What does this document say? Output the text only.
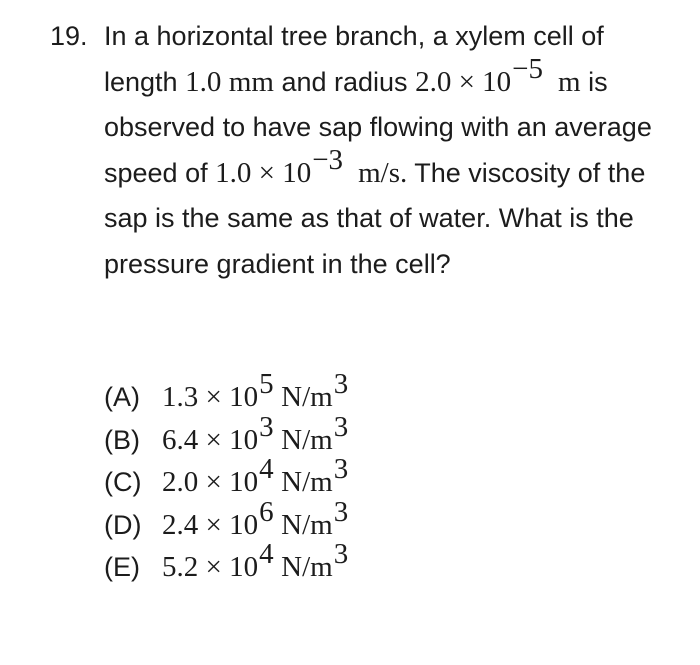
19. In a horizontal tree branch, a xylem cell of length 1.0 mm and radius $2.0 \times 10^{-5}$ m is observed to have sap flowing with an average speed of $1.0 \times 10^{-3}$ m/s. The viscosity of the sap is the same as that of water. What is the pressure gradient in the cell?
(A) $1.3 \times 10^5$ $N/m^3$
(B) $6.4 \times 10^3$ $N/m^3$
(C) $2.0 \times 10^4$ $N/m^3$
(D) $2.4 \times 10^6$ $N/m^3$
(E) $5.2 \times 10^4$ $N/m^3$
